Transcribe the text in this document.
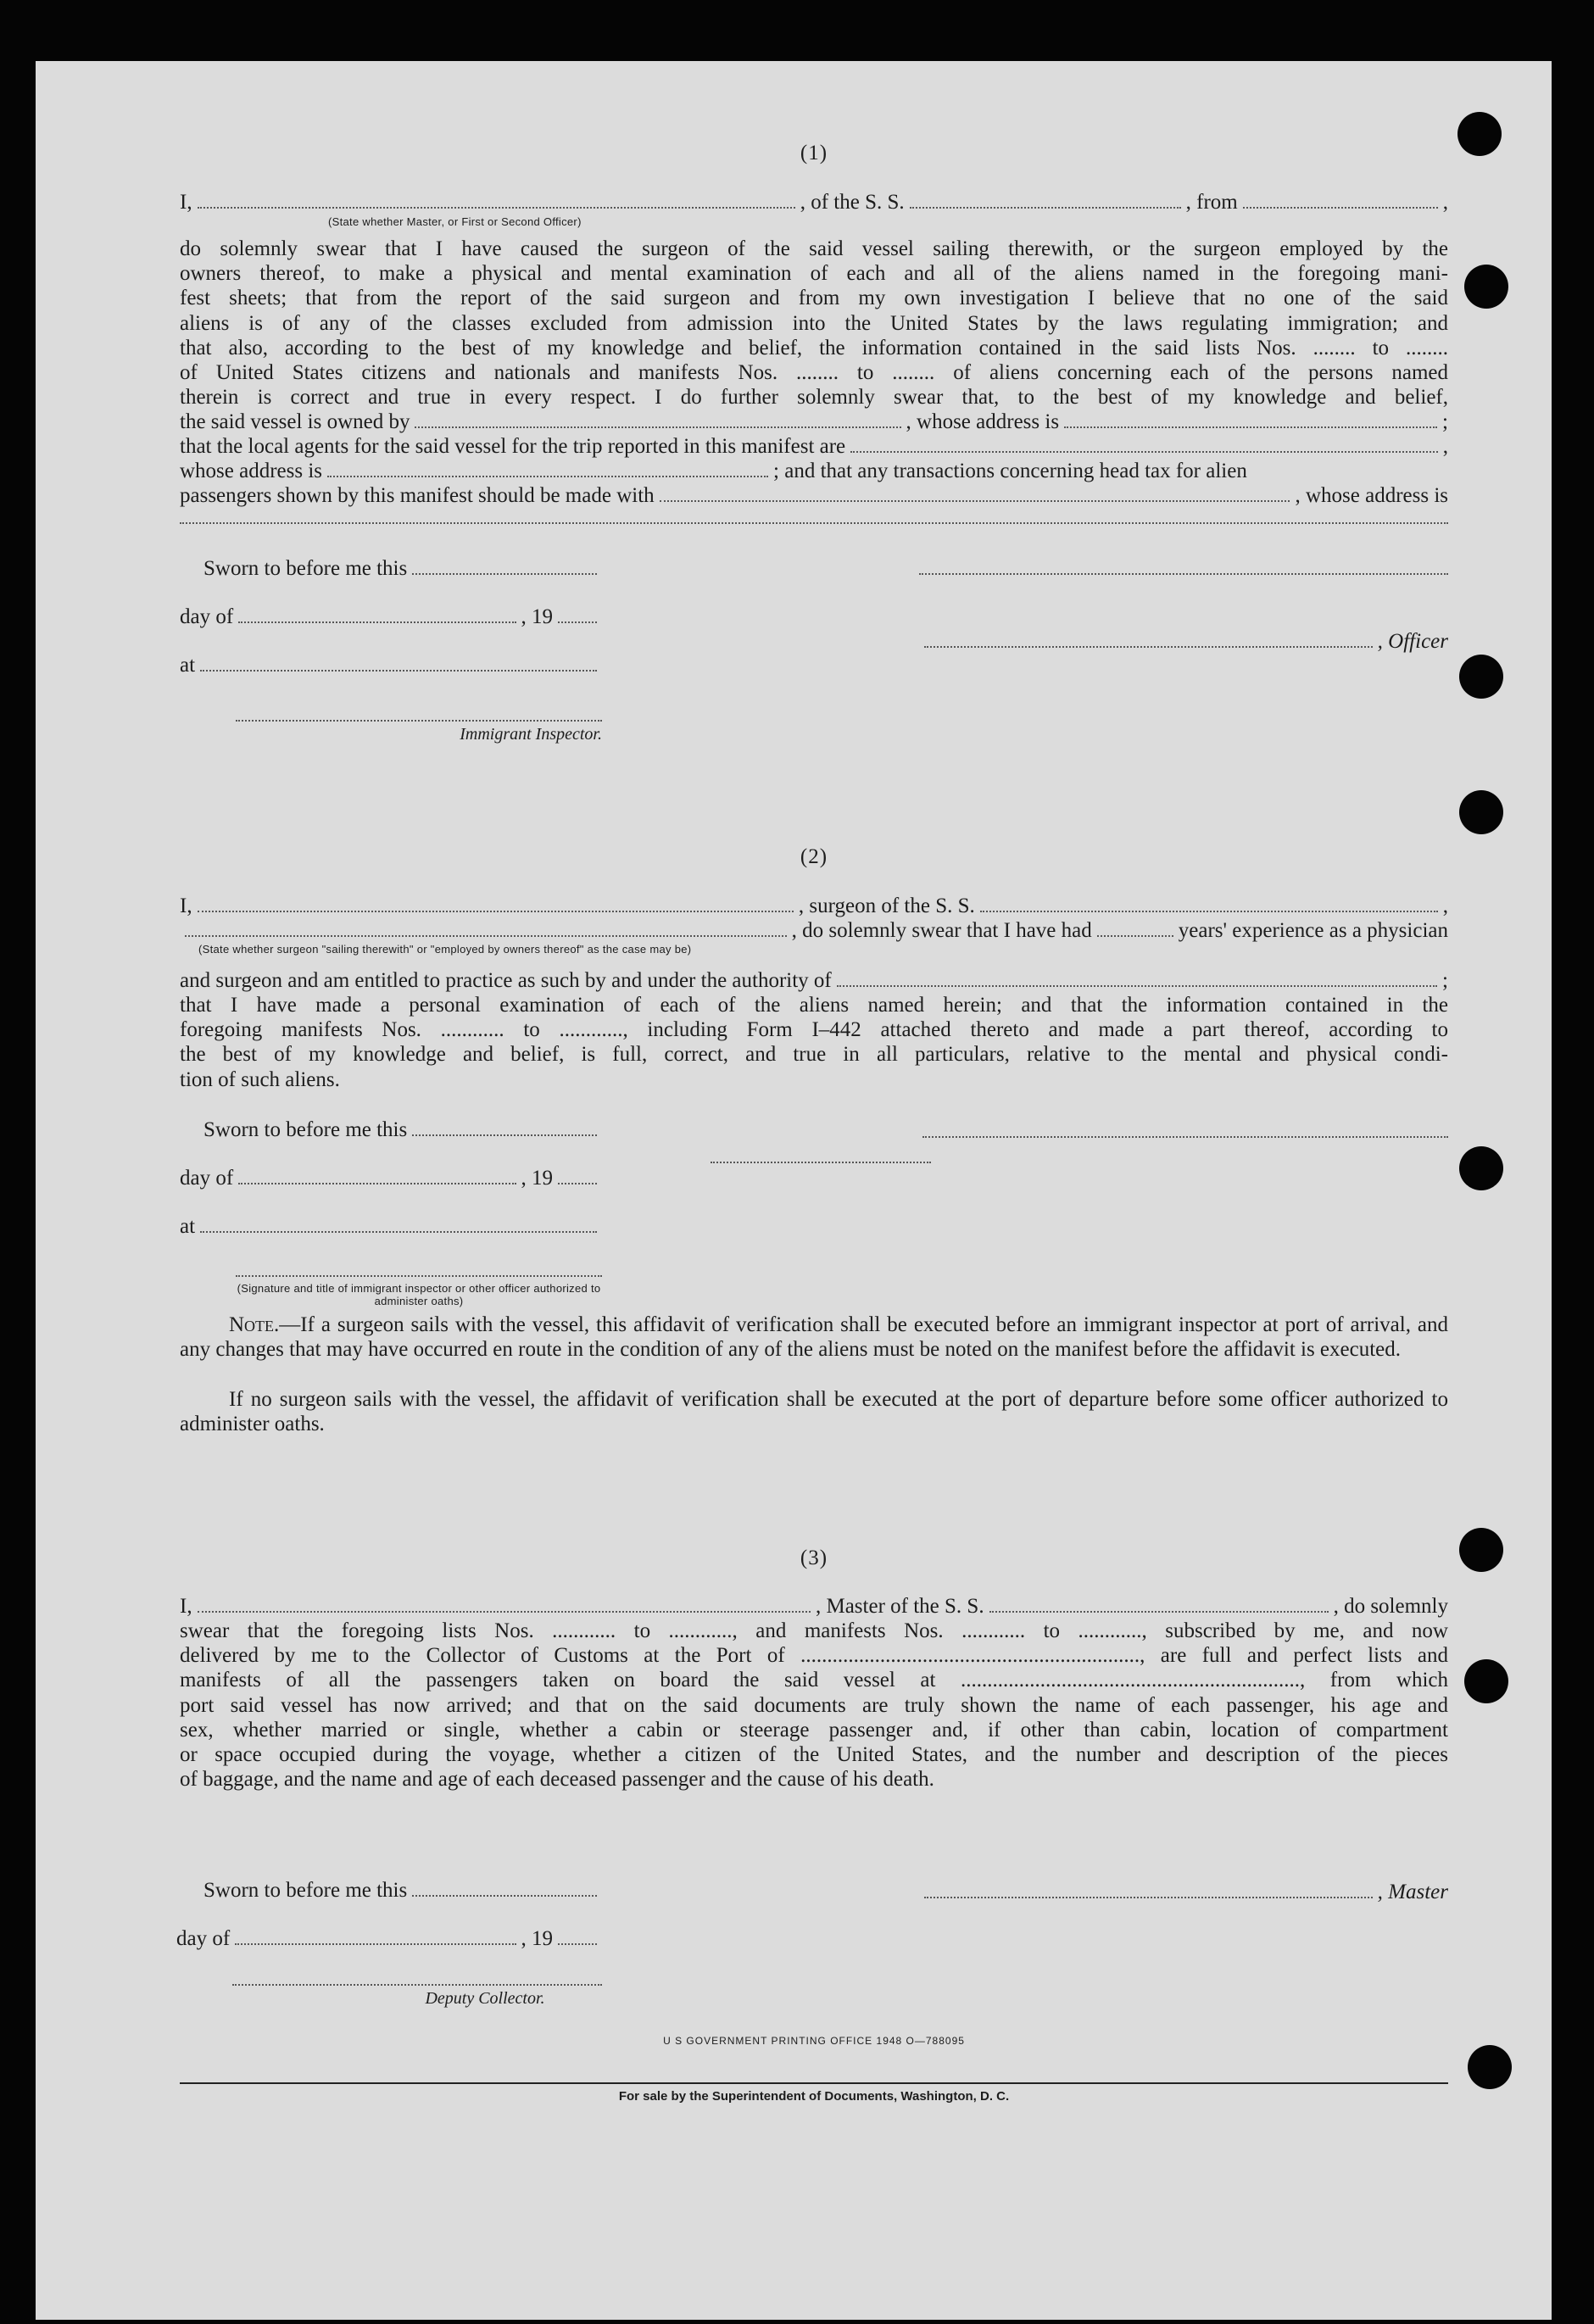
(1)
I,	, of the S. S.	, from	,
(State whether Master, or First or Second Officer)
do solemnly swear that I have caused the surgeon of the said vessel sailing therewith, or the surgeon employed by the
owners thereof, to make a physical and mental examination of each and all of the aliens named in the foregoing mani-
fest sheets; that from the report of the said surgeon and from my own investigation I believe that no one of the said
aliens is of any of the classes excluded from admission into the United States by the laws regulating immigration; and
that also, according to the best of my knowledge and belief, the information contained in the said lists Nos. ........ to ........
of United States citizens and nationals and manifests Nos. ........ to ........ of aliens concerning each of the persons named
therein is correct and true in every respect. I do further solemnly swear that, to the best of my knowledge and belief,
the said vessel is owned by	, whose address is	;
that the local agents for the said vessel for the trip reported in this manifest are	,
whose address is	; and that any transactions concerning head tax for alien
passengers shown by this manifest should be made with	, whose address is
Sworn to before me this
day of	, 19
at
, Officer
Immigrant Inspector.
(2)
I,	, surgeon of the S. S.	,
, do solemnly swear that I have had	years' experience as a physician
(State whether surgeon "sailing therewith" or "employed by owners thereof" as the case may be)
and surgeon and am entitled to practice as such by and under the authority of	;
that I have made a personal examination of each of the aliens named herein; and that the information contained in the
foregoing manifests Nos. ............ to ............, including Form I–442 attached thereto and made a part thereof, according to
the best of my knowledge and belief, is full, correct, and true in all particulars, relative to the mental and physical condi-
tion of such aliens.
Sworn to before me this
day of	, 19
at
(Signature and title of immigrant inspector or other officer authorized to administer oaths)
Note.—If a surgeon sails with the vessel, this affidavit of verification shall be executed before an immigrant inspector at port of arrival, and any changes that may have occurred en route in the condition of any of the aliens must be noted on the manifest before the affidavit is executed.
If no surgeon sails with the vessel, the affidavit of verification shall be executed at the port of departure before some officer authorized to administer oaths.
(3)
I,	, Master of the S. S.	, do solemnly
swear that the foregoing lists Nos. ............ to ............, and manifests Nos. ............ to ............, subscribed by me, and now
delivered by me to the Collector of Customs at the Port of ................................................................, are full and perfect lists and
manifests of all the passengers taken on board the said vessel at ................................................................, from which
port said vessel has now arrived; and that on the said documents are truly shown the name of each passenger, his age and
sex, whether married or single, whether a cabin or steerage passenger and, if other than cabin, location of compartment
or space occupied during the voyage, whether a citizen of the United States, and the number and description of the pieces
of baggage, and the name and age of each deceased passenger and the cause of his death.
Sworn to before me this	, Master
day of	, 19
Deputy Collector.
U S GOVERNMENT PRINTING OFFICE 1948 O—788095
For sale by the Superintendent of Documents, Washington, D. C.
